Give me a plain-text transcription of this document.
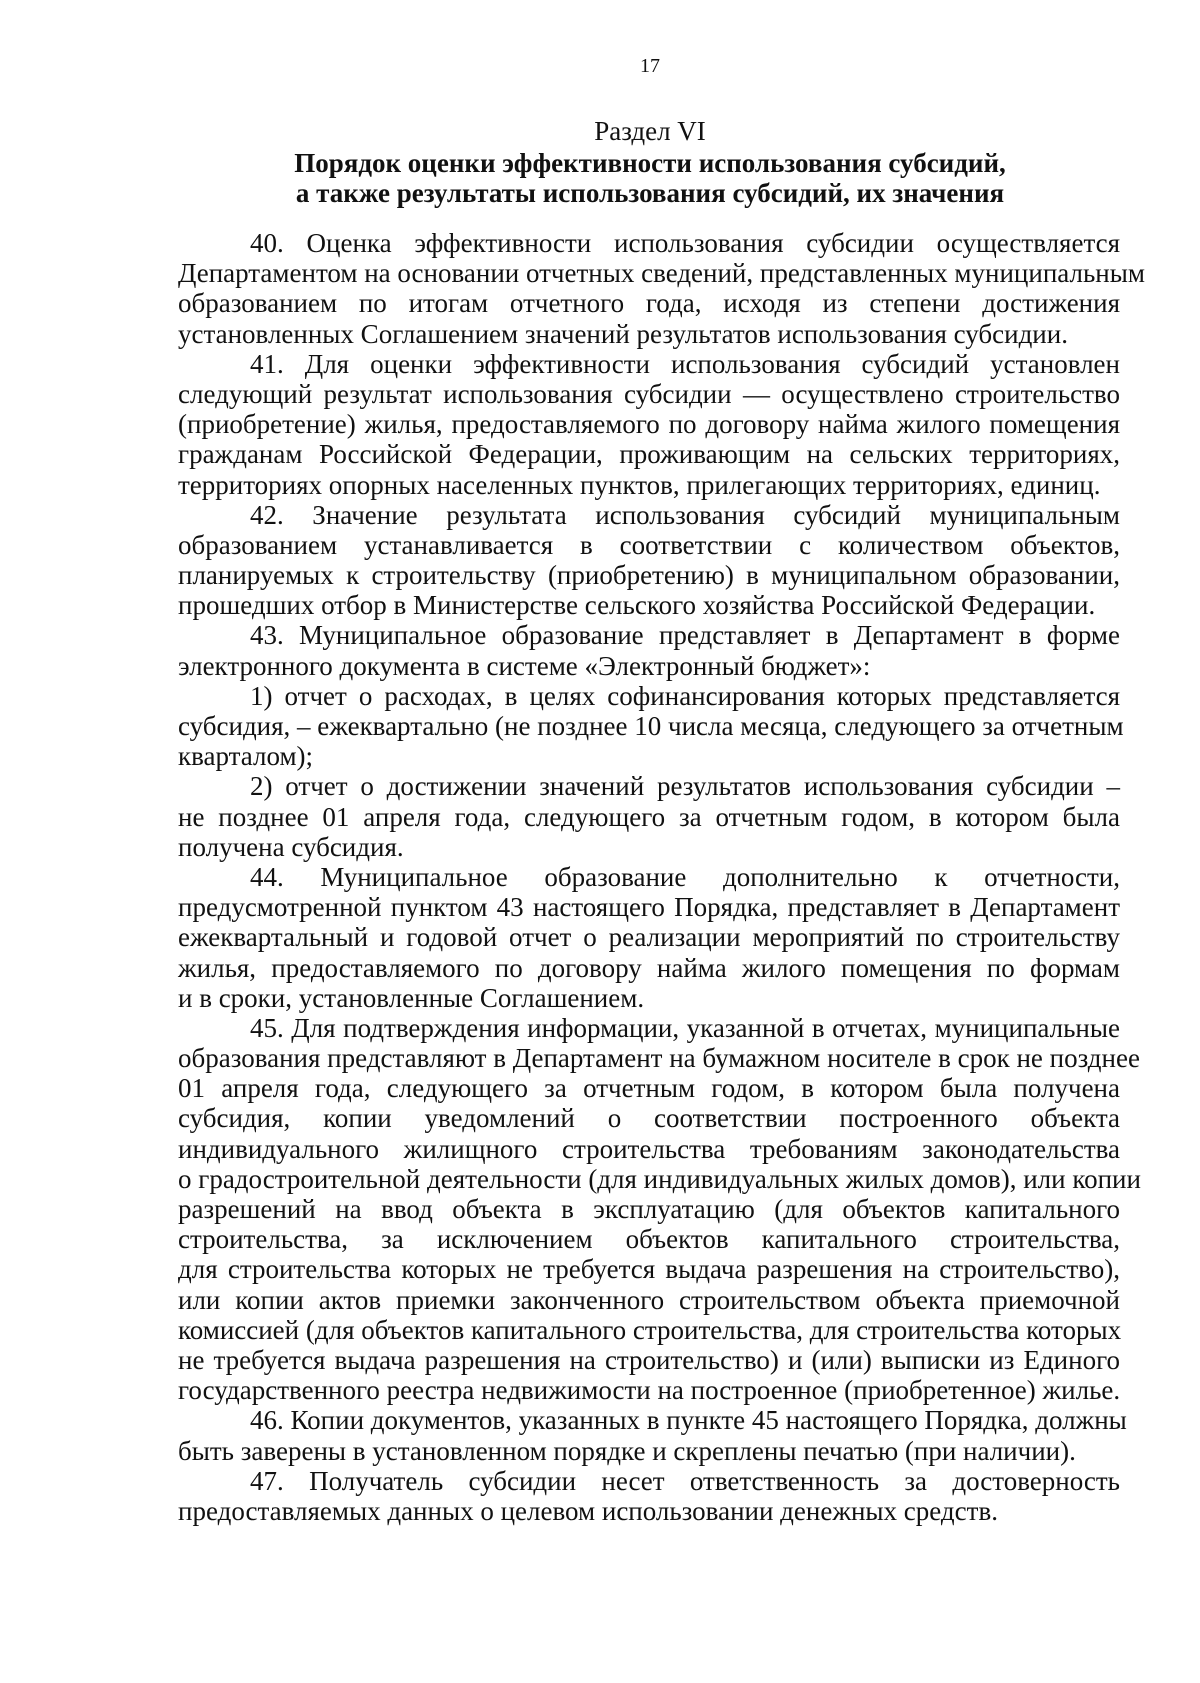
17
Раздел VI
Порядок оценки эффективности использования субсидий,
а также результаты использования субсидий, их значения
40. Оценка эффективности использования субсидии осуществляется
Департаментом на основании отчетных сведений, представленных муниципальным
образованием по итогам отчетного года, исходя из степени достижения
установленных Соглашением значений результатов использования субсидии.
41. Для оценки эффективности использования субсидий установлен
следующий результат использования субсидии — осуществлено строительство
(приобретение) жилья, предоставляемого по договору найма жилого помещения
гражданам Российской Федерации, проживающим на сельских территориях,
территориях опорных населенных пунктов, прилегающих территориях, единиц.
42. Значение результата использования субсидий муниципальным
образованием устанавливается в соответствии с количеством объектов,
планируемых к строительству (приобретению) в муниципальном образовании,
прошедших отбор в Министерстве сельского хозяйства Российской Федерации.
43. Муниципальное образование представляет в Департамент в форме
электронного документа в системе «Электронный бюджет»:
1) отчет о расходах, в целях софинансирования которых представляется
субсидия, – ежеквартально (не позднее 10 числа месяца, следующего за отчетным
кварталом);
2) отчет о достижении значений результатов использования субсидии –
не позднее 01 апреля года, следующего за отчетным годом, в котором была
получена субсидия.
44. Муниципальное образование дополнительно к отчетности,
предусмотренной пунктом 43 настоящего Порядка, представляет в Департамент
ежеквартальный и годовой отчет о реализации мероприятий по строительству
жилья, предоставляемого по договору найма жилого помещения по формам
и в сроки, установленные Соглашением.
45. Для подтверждения информации, указанной в отчетах, муниципальные
образования представляют в Департамент на бумажном носителе в срок не позднее
01 апреля года, следующего за отчетным годом, в котором была получена
субсидия, копии уведомлений о соответствии построенного объекта
индивидуального жилищного строительства требованиям законодательства
о градостроительной деятельности (для индивидуальных жилых домов), или копии
разрешений на ввод объекта в эксплуатацию (для объектов капитального
строительства, за исключением объектов капитального строительства,
для строительства которых не требуется выдача разрешения на строительство),
или копии актов приемки законченного строительством объекта приемочной
комиссией (для объектов капитального строительства, для строительства которых
не требуется выдача разрешения на строительство) и (или) выписки из Единого
государственного реестра недвижимости на построенное (приобретенное) жилье.
46. Копии документов, указанных в пункте 45 настоящего Порядка, должны
быть заверены в установленном порядке и скреплены печатью (при наличии).
47. Получатель субсидии несет ответственность за достоверность
предоставляемых данных о целевом использовании денежных средств.
